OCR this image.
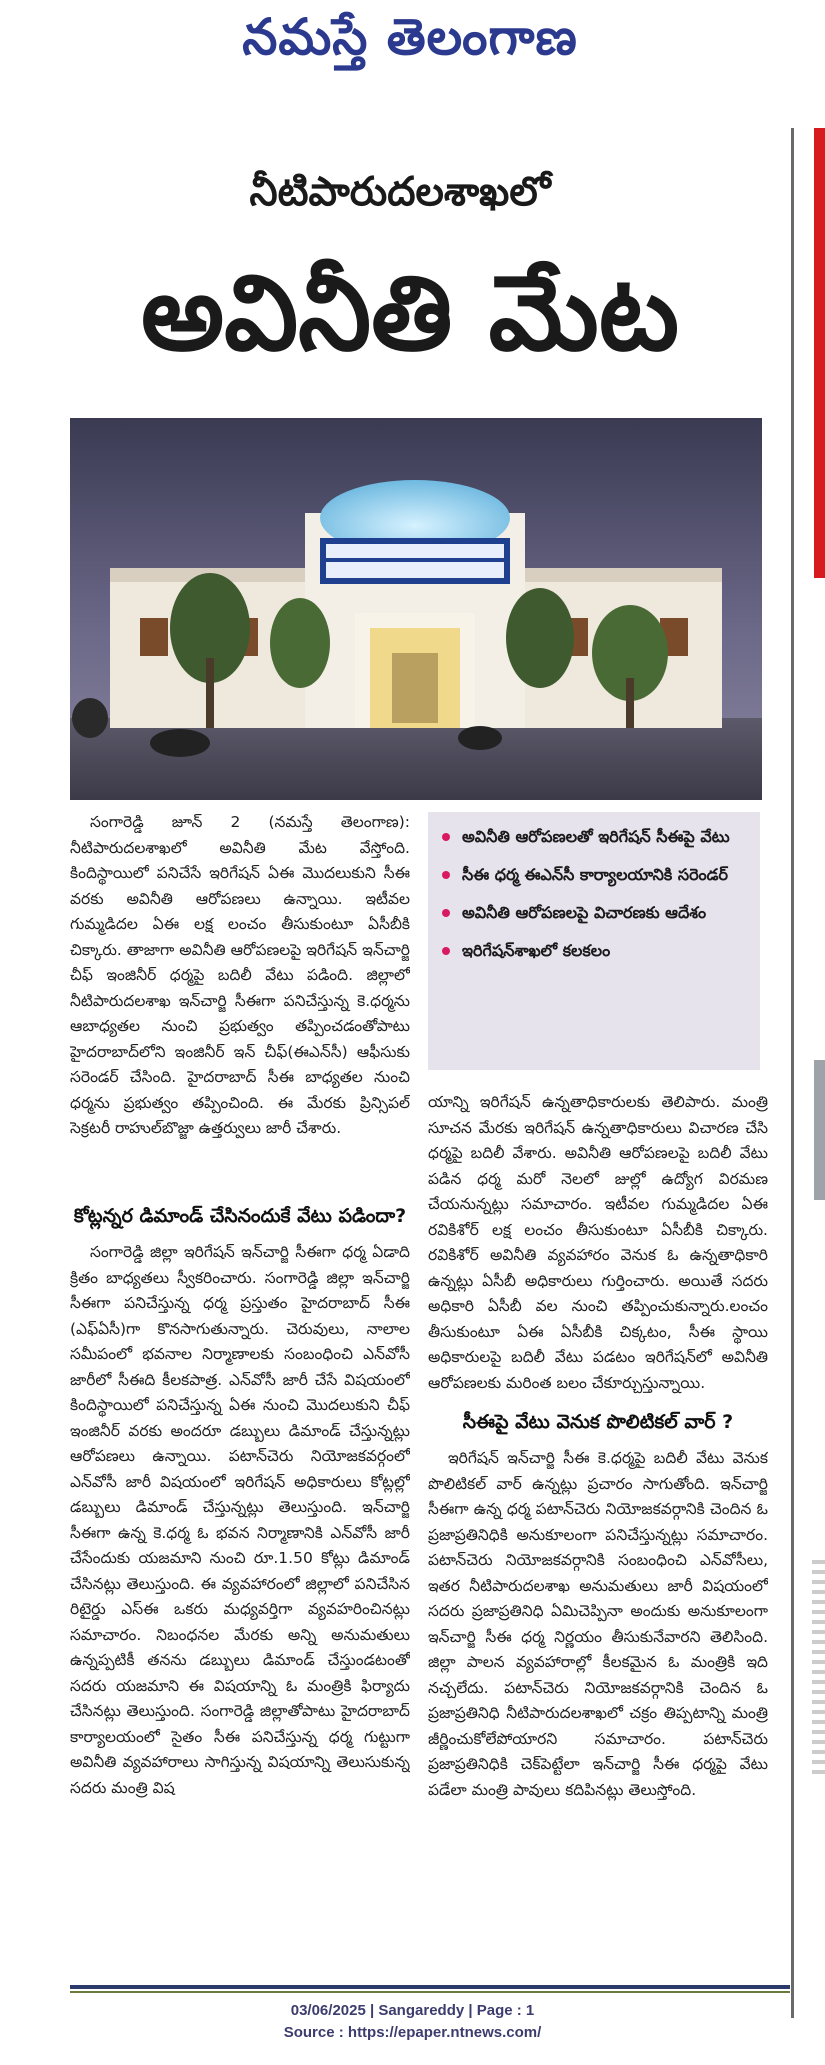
నమస్తే తెలంగాణ
నీటిపారుదలశాఖలో
అవినీతి మేట

సంగారెడ్డి జూన్ 2 (నమస్తే తెలంగాణ): నీటిపారుదలశాఖలో అవినీతి మేట వేస్తోంది. కిందిస్థాయిలో పనిచేసే ఇరిగేషన్ ఏఈ మొదలుకుని సీఈ వరకు అవినీతి ఆరోపణలు ఉన్నాయి. ఇటీవల గుమ్మడిదల ఏఈ లక్ష లంచం తీసుకుంటూ ఏసీబీకి చిక్కారు. తాజాగా అవినీతి ఆరోపణలపై ఇరిగేషన్ ఇన్‌చార్జి చీఫ్ ఇంజినీర్ ధర్మపై బదిలీ వేటు పడింది. జిల్లాలో నీటిపారుదలశాఖ ఇన్‌చార్జి సీఈగా పనిచేస్తున్న కె.ధర్మను ఆబాధ్యతల నుంచి ప్రభుత్వం తప్పించడంతోపాటు హైదరాబాద్‌లోని ఇంజినీర్ ఇన్ చీఫ్(ఈఎన్‌సీ) ఆఫీసుకు సరెండర్ చేసింది. హైదరాబాద్ సీఈ బాధ్యతల నుంచి ధర్మను ప్రభుత్వం తప్పించింది. ఈ మేరకు ప్రిన్సిపల్ సెక్రటరీ రాహుల్‌బొజ్జా ఉత్తర్వులు జారీ చేశారు.

కోట్లన్నర డిమాండ్ చేసినందుకే వేటు పడిందా?

సంగారెడ్డి జిల్లా ఇరిగేషన్ ఇన్‌చార్జి సీఈగా ధర్మ ఏడాది క్రితం బాధ్యతలు స్వీకరించారు. సంగారెడ్డి జిల్లా ఇన్‌చార్జి సీఈగా పనిచేస్తున్న ధర్మ ప్రస్తుతం హైదరాబాద్ సీఈ (ఎఫ్ఏసీ)గా కొనసాగుతున్నారు. చెరువులు, నాలాల సమీపంలో భవనాల నిర్మాణాలకు సంబంధించి ఎన్‌వోసీ జారీలో సీఈది కీలకపాత్ర. ఎన్‌వోసీ జారీ చేసే విషయంలో కిందిస్థాయిలో పనిచేస్తున్న ఏఈ నుంచి మొదలుకుని చీఫ్ ఇంజినీర్ వరకు అందరూ డబ్బులు డిమాండ్ చేస్తున్నట్లు ఆరోపణలు ఉన్నాయి. పటాన్‌చెరు నియోజకవర్గంలో ఎన్‌వోసీ జారీ విషయంలో ఇరిగేషన్ అధికారులు కోట్లల్లో డబ్బులు డిమాండ్ చేస్తున్నట్లు తెలుస్తుంది. ఇన్‌చార్జి సీఈగా ఉన్న కె.ధర్మ ఓ భవన నిర్మాణానికి ఎన్‌వోసీ జారీ చేసేందుకు యజమాని నుంచి రూ.1.50 కోట్లు డిమాండ్ చేసినట్లు తెలుస్తుంది. ఈ వ్యవహారంలో జిల్లాలో పనిచేసిన రిటైర్డు ఎస్ఈ ఒకరు మధ్యవర్తిగా వ్యవహరించినట్లు సమాచారం. నిబంధనల మేరకు అన్ని అనుమతులు ఉన్నప్పటికీ తనను డబ్బులు డిమాండ్ చేస్తుండటంతో సదరు యజమాని ఈ విషయాన్ని ఓ మంత్రికి ఫిర్యాదు చేసినట్లు తెలుస్తుంది. సంగారెడ్డి జిల్లాతోపాటు హైదరాబాద్ కార్యాలయంలో సైతం సీఈ పనిచేస్తున్న ధర్మ గుట్టుగా అవినీతి వ్యవహారాలు సాగిస్తున్న విషయాన్ని తెలుసుకున్న సదరు మంత్రి విష

అవినీతి ఆరోపణలతో ఇరిగేషన్ సీఈపై వేటు
సీఈ ధర్మ ఈఎన్‌సీ కార్యాలయానికి సరెండర్
అవినీతి ఆరోపణలపై విచారణకు ఆదేశం
ఇరిగేషన్‌శాఖలో కలకలం

యాన్ని ఇరిగేషన్ ఉన్నతాధికారులకు తెలిపారు. మంత్రి సూచన మేరకు ఇరిగేషన్ ఉన్నతాధికారులు విచారణ చేసి ధర్మపై బదిలీ వేశారు. అవినీతి ఆరోపణలపై బదిలీ వేటు పడిన ధర్మ మరో నెలలో జుల్లో ఉద్యోగ విరమణ చేయనున్నట్లు సమాచారం. ఇటీవల గుమ్మడిదల ఏఈ రవికిశోర్ లక్ష లంచం తీసుకుంటూ ఏసీబీకి చిక్కారు. రవికిశోర్ అవినీతి వ్యవహారం వెనుక ఓ ఉన్నతాధికారి ఉన్నట్లు ఏసీబీ అధికారులు గుర్తించారు. అయితే సదరు అధికారి ఏసీబీ వల నుంచి తప్పించుకున్నారు.లంచం తీసుకుంటూ ఏఈ ఏసీబీకి చిక్కటం, సీఈ స్థాయి అధికారులపై బదిలీ వేటు పడటం ఇరిగేషన్‌లో అవినీతి ఆరోపణలకు మరింత బలం చేకూర్చుస్తున్నాయి.

సీఈపై వేటు వెనుక పొలిటికల్ వార్ ?

ఇరిగేషన్ ఇన్‌చార్జి సీఈ కె.ధర్మపై బదిలీ వేటు వెనుక పొలిటికల్ వార్ ఉన్నట్లు ప్రచారం సాగుతోంది. ఇన్‌చార్జి సీఈగా ఉన్న ధర్మ పటాన్‌చెరు నియోజకవర్గానికి చెందిన ఓ ప్రజాప్రతినిధికి అనుకూలంగా పనిచేస్తున్నట్లు సమాచారం. పటాన్‌చెరు నియోజకవర్గానికి సంబంధించి ఎన్‌వోసీలు, ఇతర నీటిపారుదలశాఖ అనుమతులు జారీ విషయంలో సదరు ప్రజాప్రతినిధి ఏమిచెప్పినా అందుకు అనుకూలంగా ఇన్‌చార్జి సీఈ ధర్మ నిర్ణయం తీసుకునేవారని తెలిసింది. జిల్లా పాలన వ్యవహారాల్లో కీలకమైన ఓ మంత్రికి ఇది నచ్చలేదు. పటాన్‌చెరు నియోజకవర్గానికి చెందిన ఓ ప్రజాప్రతినిధి నీటిపారుదలశాఖలో చక్రం తిప్పటాన్ని మంత్రి జీర్ణించుకోలేపోయారని సమాచారం. పటాన్‌చెరు ప్రజాప్రతినిధికి చెక్‌పెట్టేలా ఇన్‌చార్జి సీఈ ధర్మపై వేటు పడేలా మంత్రి పావులు కదిపినట్లు తెలుస్తోంది.

03/06/2025 | Sangareddy | Page : 1
Source : https://epaper.ntnews.com/
